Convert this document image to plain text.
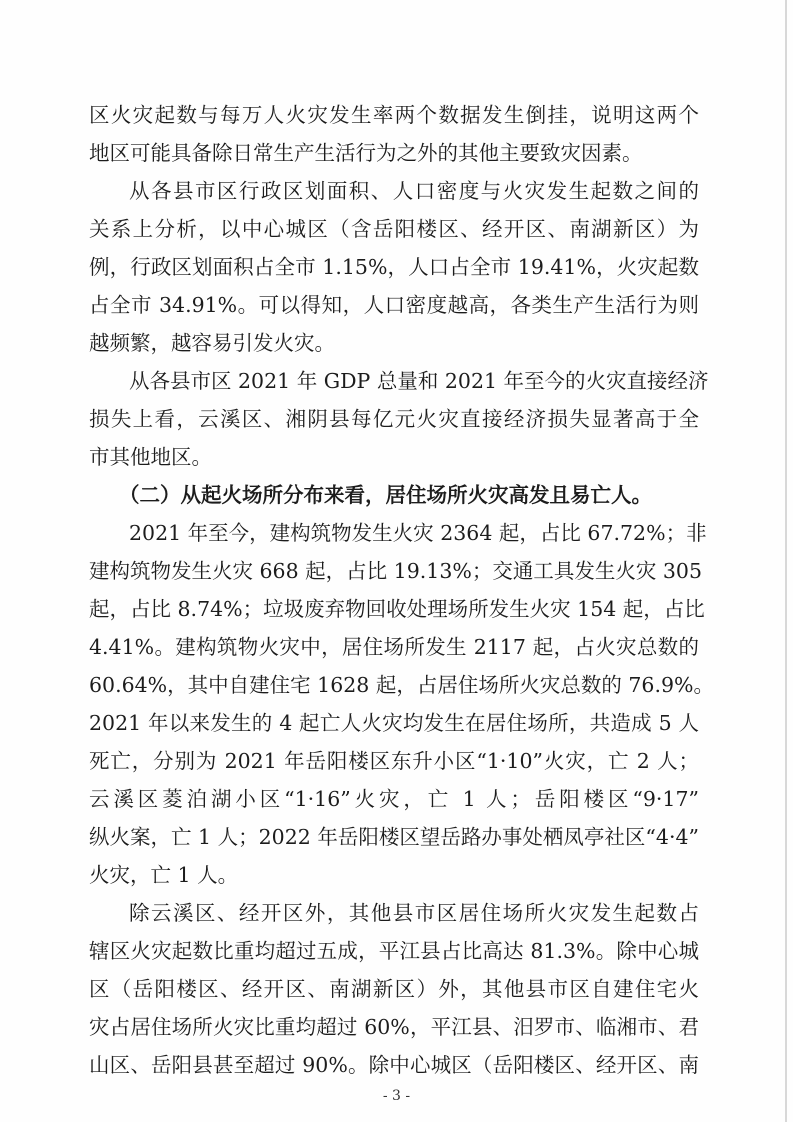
区火灾起数与每万人火灾发生率两个数据发生倒挂，说明这两个

地区可能具备除日常生产生活行为之外的其他主要致灾因素。

从各县市区行政区划面积、人口密度与火灾发生起数之间的

关系上分析，以中心城区（含岳阳楼区、经开区、南湖新区）为

例，行政区划面积占全市 1.15%，人口占全市 19.41%，火灾起数

占全市 34.91%。可以得知，人口密度越高，各类生产生活行为则

越频繁，越容易引发火灾。

从各县市区 2021 年 GDP 总量和 2021 年至今的火灾直接经济

损失上看，云溪区、湘阴县每亿元火灾直接经济损失显著高于全

市其他地区。

（二）从起火场所分布来看，居住场所火灾高发且易亡人。

2021 年至今，建构筑物发生火灾 2364 起，占比 67.72%；非

建构筑物发生火灾 668 起，占比 19.13%；交通工具发生火灾 305

起，占比 8.74%；垃圾废弃物回收处理场所发生火灾 154 起，占比

4.41%。建构筑物火灾中，居住场所发生 2117 起，占火灾总数的

60.64%，其中自建住宅 1628 起，占居住场所火灾总数的 76.9%。

2021 年以来发生的 4 起亡人火灾均发生在居住场所，共造成 5 人

死亡，分别为 2021 年岳阳楼区东升小区“1·10”火灾，亡 2 人；

云溪区菱泊湖小区“1·16”火灾，亡 1 人；岳阳楼区“9·17”

纵火案，亡 1 人；2022 年岳阳楼区望岳路办事处栖凤亭社区“4·4”

火灾，亡 1 人。

除云溪区、经开区外，其他县市区居住场所火灾发生起数占

辖区火灾起数比重均超过五成，平江县占比高达 81.3%。除中心城

区（岳阳楼区、经开区、南湖新区）外，其他县市区自建住宅火

灾占居住场所火灾比重均超过 60%，平江县、汨罗市、临湘市、君

山区、岳阳县甚至超过 90%。除中心城区（岳阳楼区、经开区、南

- 3 -
